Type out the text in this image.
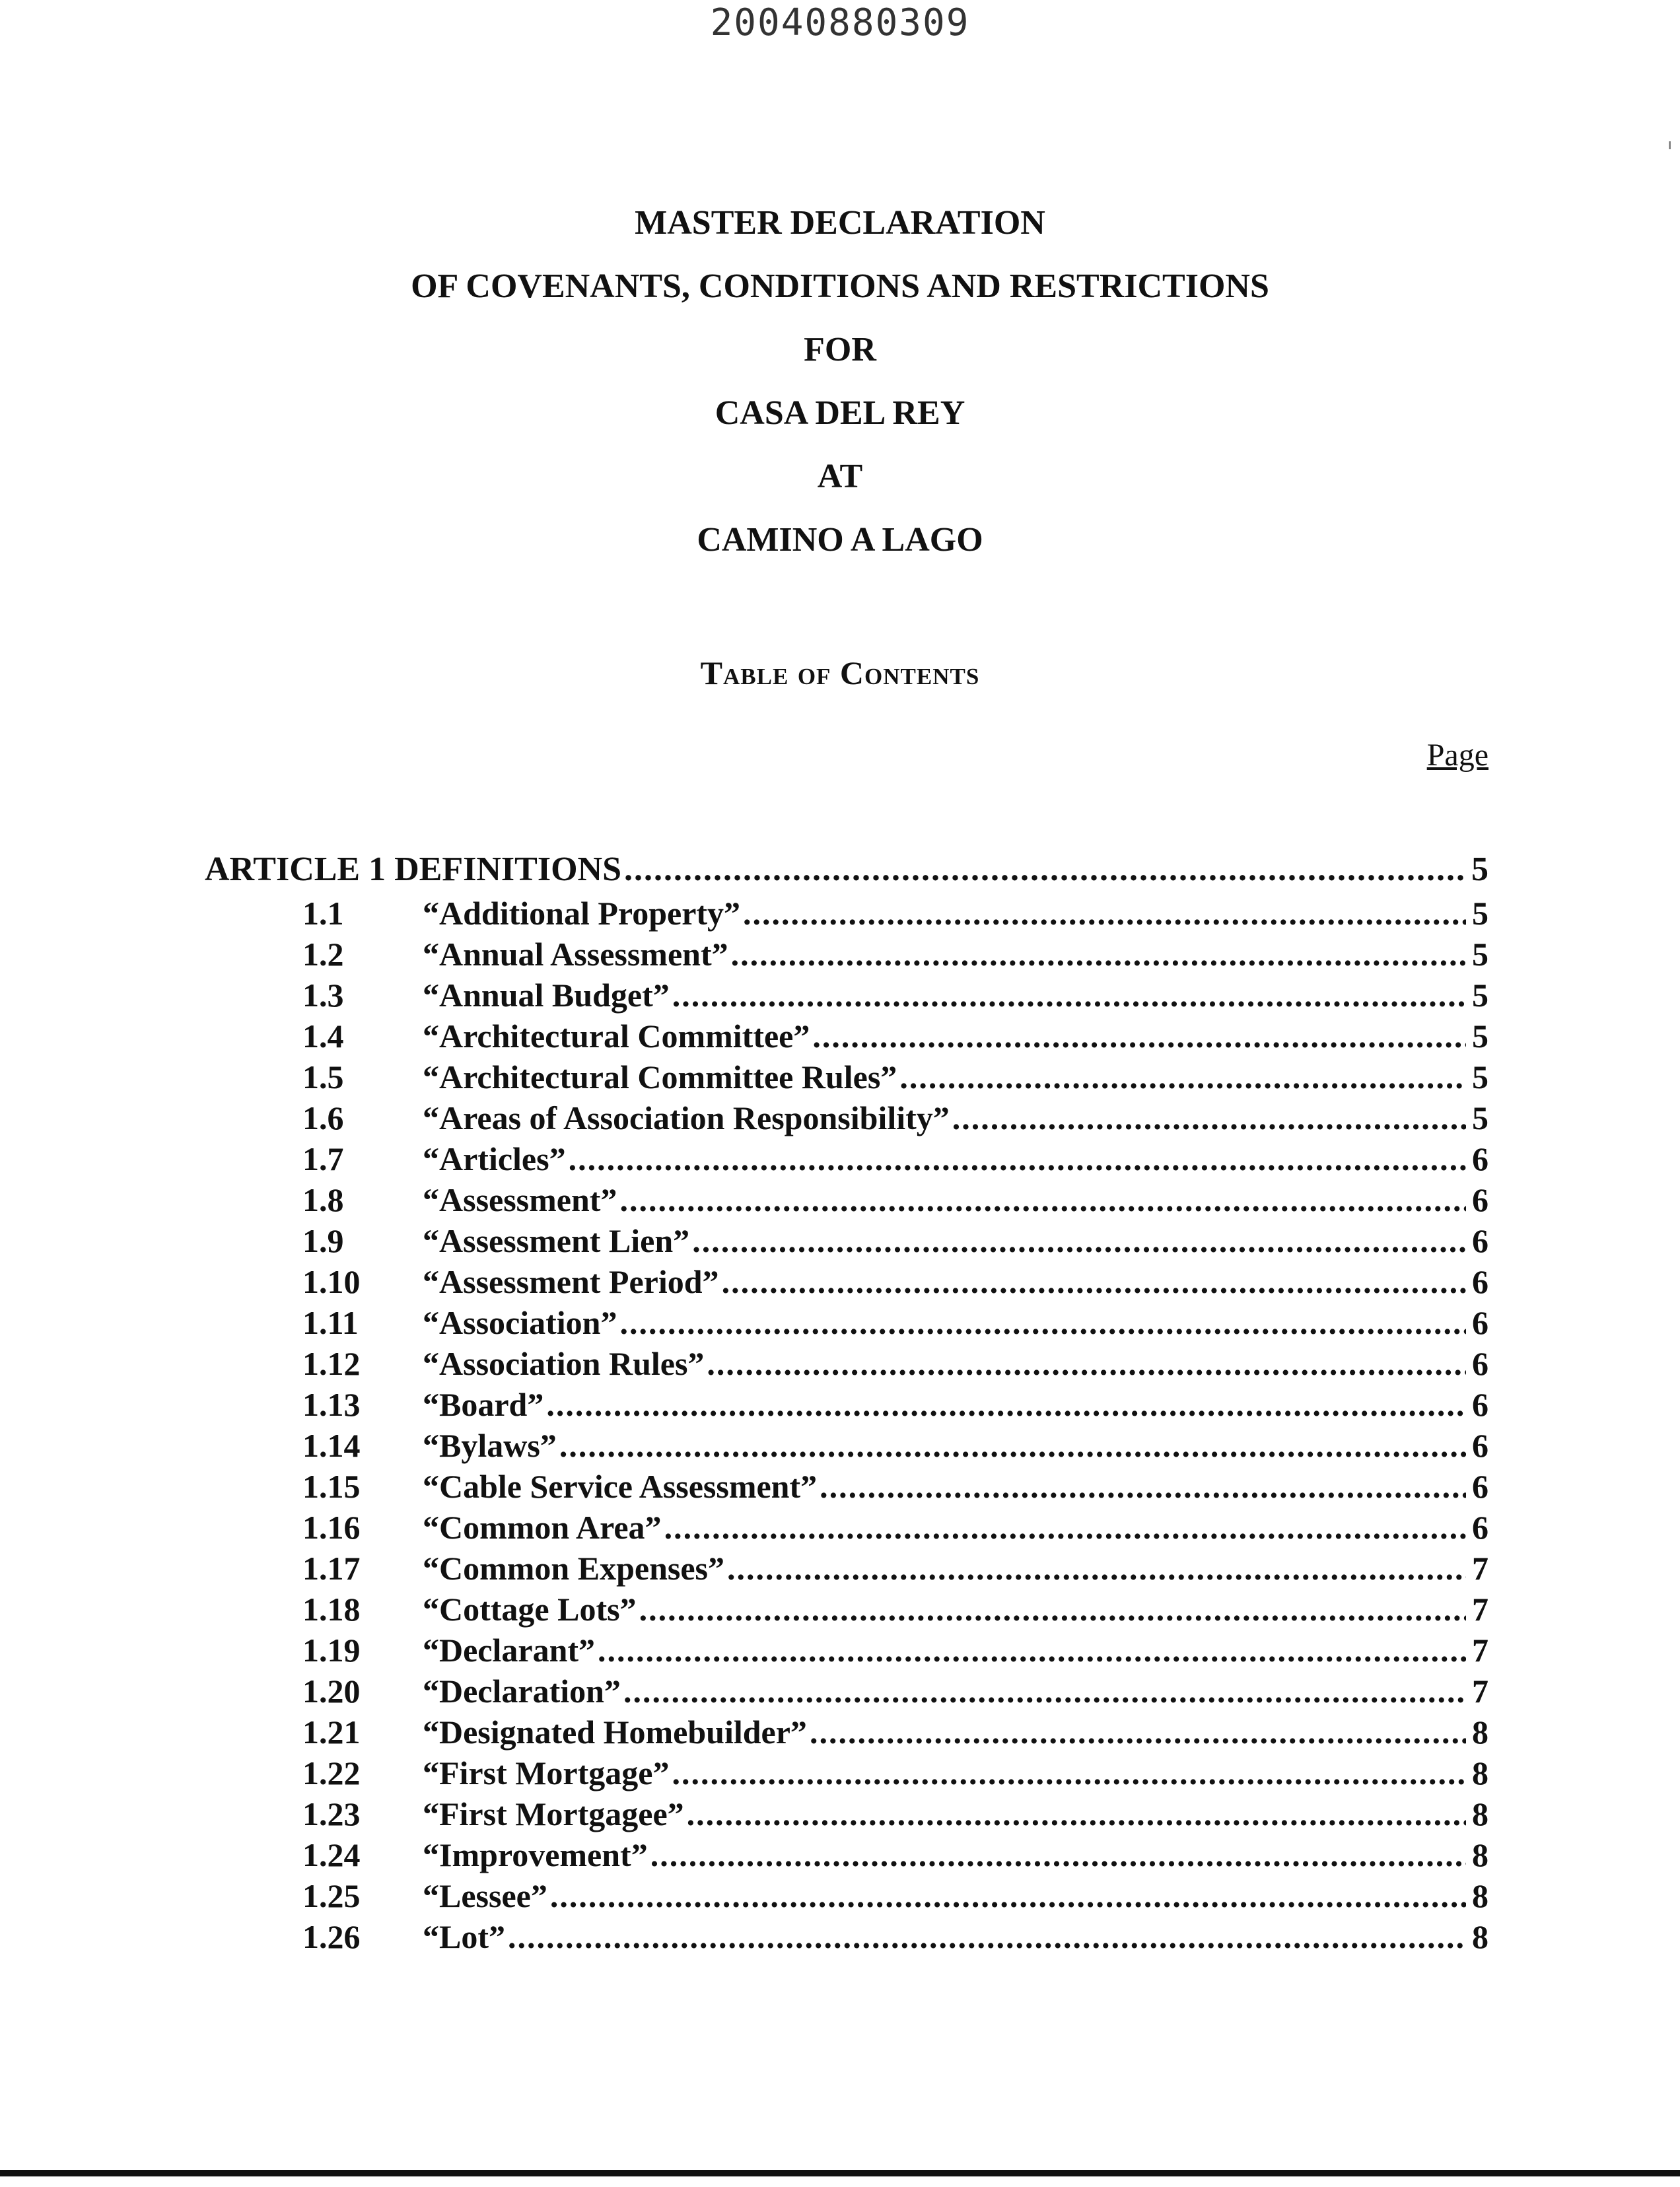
20040880309
MASTER DECLARATION
OF COVENANTS, CONDITIONS AND RESTRICTIONS
FOR
CASA DEL REY
AT
CAMINO A LAGO
Table of Contents
Page
ARTICLE 1 DEFINITIONS .....	5
1.1	“Additional Property” .....	5
1.2	“Annual Assessment” .....	5
1.3	“Annual Budget” .....	5
1.4	“Architectural Committee” .....	5
1.5	“Architectural Committee Rules” .....	5
1.6	“Areas of Association Responsibility” .....	5
1.7	“Articles” .....	6
1.8	“Assessment” .....	6
1.9	“Assessment Lien” .....	6
1.10	“Assessment Period” .....	6
1.11	“Association” .....	6
1.12	“Association Rules” .....	6
1.13	“Board” .....	6
1.14	“Bylaws” .....	6
1.15	“Cable Service Assessment” .....	6
1.16	“Common Area” .....	6
1.17	“Common Expenses” .....	7
1.18	“Cottage Lots” .....	7
1.19	“Declarant” .....	7
1.20	“Declaration” .....	7
1.21	“Designated Homebuilder” .....	8
1.22	“First Mortgage” .....	8
1.23	“First Mortgagee” .....	8
1.24	“Improvement” .....	8
1.25	“Lessee” .....	8
1.26	“Lot” .....	8
